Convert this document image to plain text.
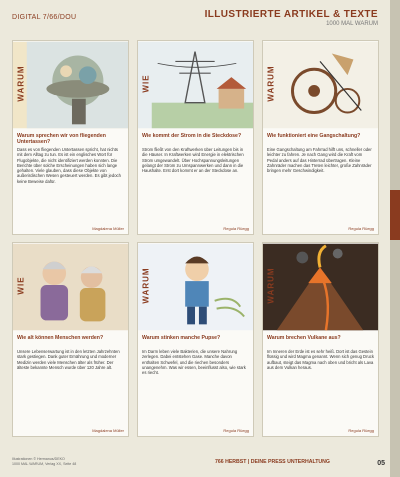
DIGITAL 7/66/DOU	ILLUSTRIERTE ARTIKEL & TEXTE
1000 MAL WARUM
WARUM
Warum sprechen wir von fliegenden Untertassen?
Dass es von fliegenden Untertassen spricht, hat nichts mit dem Alltag zu tun. Es ist ein englisches Wort für Flugobjekte, die nicht identifiziert werden konnten. Die Berichte über solche Erscheinungen haben sich lange gehalten. Viele glauben, dass diese Objekte von außerirdischen Wesen gesteuert werden. Es gibt jedoch keine Beweise dafür.
Magdalena Müller
WIE
Wie kommt der Strom in die Steckdose?
Strom fließt von den Kraftwerken über Leitungen bis in die Häuser. In Kraftwerken wird Energie in elektrischen Strom umgewandelt. Über Hochspannungsleitungen gelangt der Strom zu Umspannwerken und dann in die Haushalte. Erst dort kommt er an der Steckdose an.
Regula Rüegg
WARUM
Wie funktioniert eine Gangschaltung?
Eine Gangschaltung am Fahrrad hilft uns, schneller oder leichter zu fahren. Je nach Gang wird die Kraft vom Pedal anders auf das Hinterrad übertragen. Kleine Zahnräder machen das Treten leichter, große Zahnräder bringen mehr Geschwindigkeit.
Regula Rüegg
WIE
Wie alt können Menschen werden?
Unsere Lebenserwartung ist in den letzten Jahrzehnten stark gestiegen. Dank guter Ernährung und moderner Medizin werden viele Menschen älter als früher. Der älteste bekannte Mensch wurde über 120 Jahre alt.
Magdalena Müller
WARUM
Warum stinken manche Pupse?
Im Darm leben viele Bakterien, die unsere Nahrung zerlegen. Dabei entstehen Gase. Manche davon enthalten Schwefel, und die riechen besonders unangenehm. Was wir essen, beeinflusst also, wie stark es riecht.
Regula Rüegg
WARUM
Warum brechen Vulkane aus?
Im Inneren der Erde ist es sehr heiß. Dort ist das Gestein flüssig und wird Magma genannt. Wenn sich genug Druck aufbaut, steigt das Magma nach oben und bricht als Lava aus dem Vulkan heraus.
Regula Rüegg
Illustrationen © Hermanus/DEKO
1000 MAL WARUM, Verlag XX, Seite 48	766 HERBST | DEINE PRESS UNTERHALTUNG	05
